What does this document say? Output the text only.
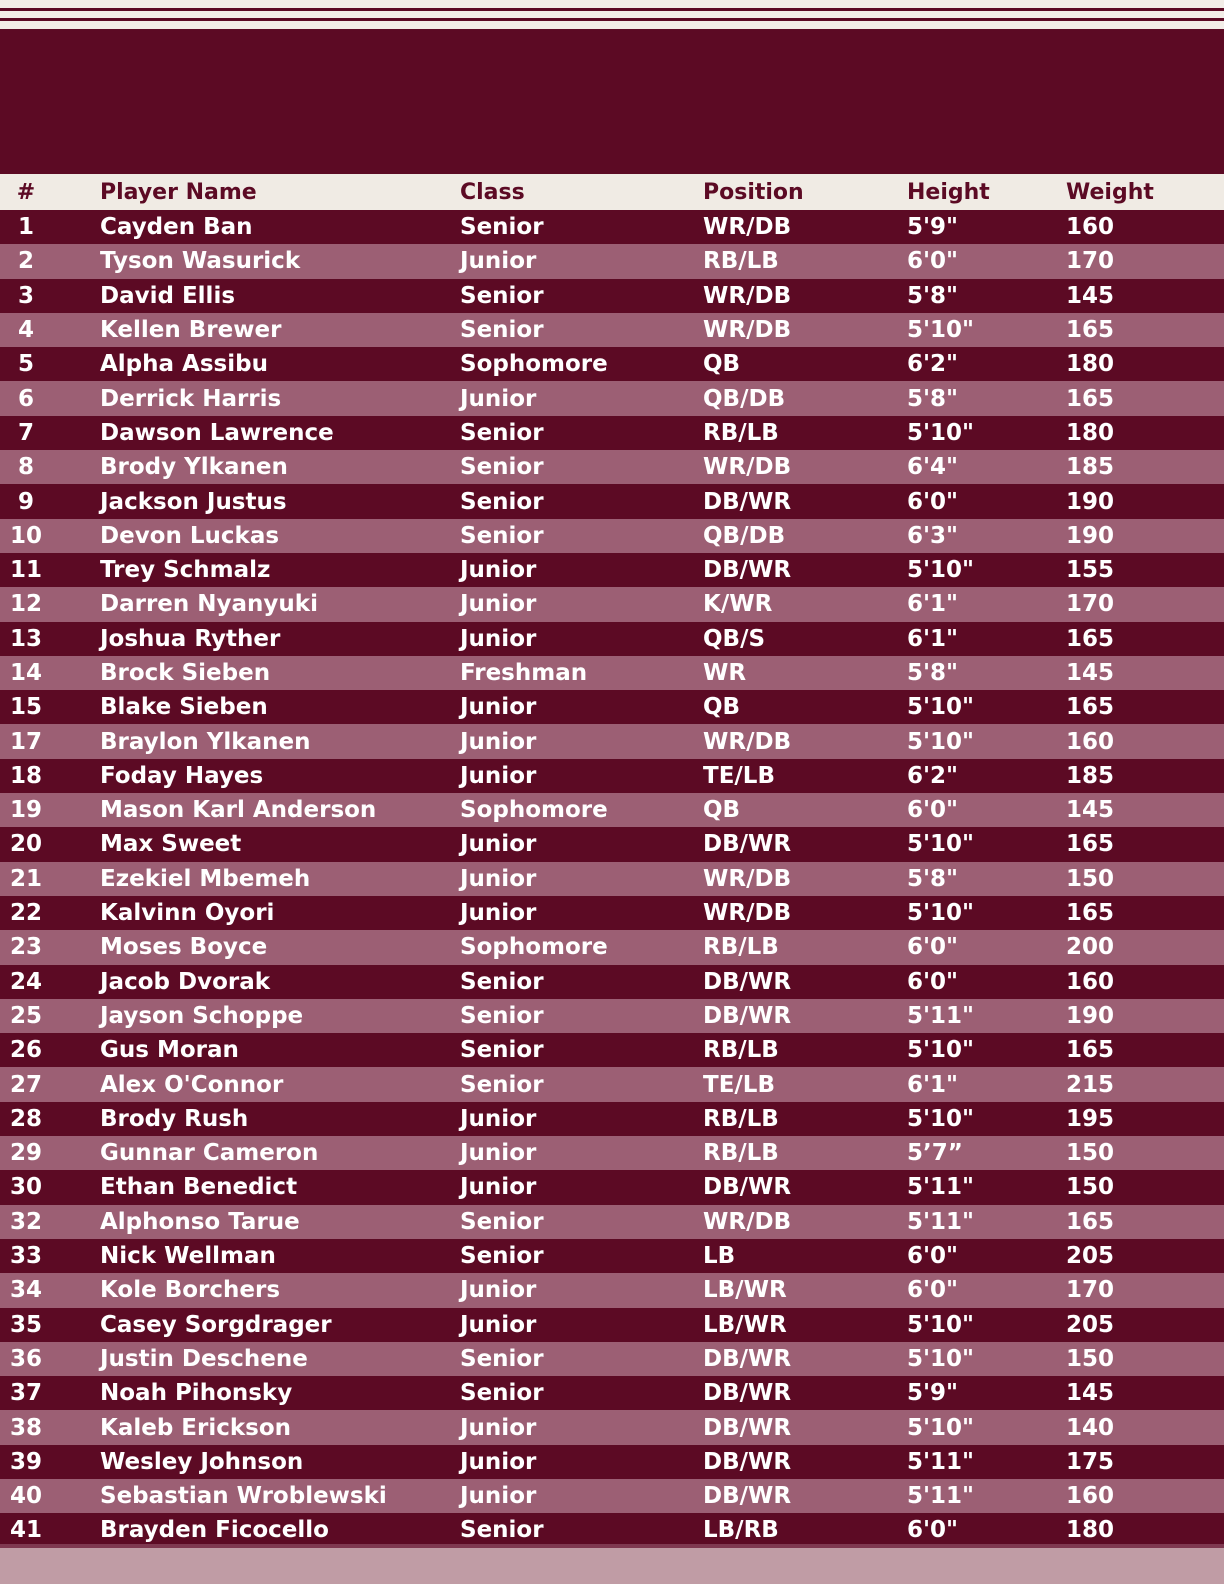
#	Player Name	Class	Position	Height	Weight
1	Cayden Ban	Senior	WR/DB	5'9"	160
2	Tyson Wasurick	Junior	RB/LB	6'0"	170
3	David Ellis	Senior	WR/DB	5'8"	145
4	Kellen Brewer	Senior	WR/DB	5'10"	165
5	Alpha Assibu	Sophomore	QB	6'2"	180
6	Derrick Harris	Junior	QB/DB	5'8"	165
7	Dawson Lawrence	Senior	RB/LB	5'10"	180
8	Brody Ylkanen	Senior	WR/DB	6'4"	185
9	Jackson Justus	Senior	DB/WR	6'0"	190
10	Devon Luckas	Senior	QB/DB	6'3"	190
11	Trey Schmalz	Junior	DB/WR	5'10"	155
12	Darren Nyanyuki	Junior	K/WR	6'1"	170
13	Joshua Ryther	Junior	QB/S	6'1"	165
14	Brock Sieben	Freshman	WR	5'8"	145
15	Blake Sieben	Junior	QB	5'10"	165
17	Braylon Ylkanen	Junior	WR/DB	5'10"	160
18	Foday Hayes	Junior	TE/LB	6'2"	185
19	Mason Karl Anderson	Sophomore	QB	6'0"	145
20	Max Sweet	Junior	DB/WR	5'10"	165
21	Ezekiel Mbemeh	Junior	WR/DB	5'8"	150
22	Kalvinn Oyori	Junior	WR/DB	5'10"	165
23	Moses Boyce	Sophomore	RB/LB	6'0"	200
24	Jacob Dvorak	Senior	DB/WR	6'0"	160
25	Jayson Schoppe	Senior	DB/WR	5'11"	190
26	Gus Moran	Senior	RB/LB	5'10"	165
27	Alex O'Connor	Senior	TE/LB	6'1"	215
28	Brody Rush	Junior	RB/LB	5'10"	195
29	Gunnar Cameron	Junior	RB/LB	5’7”	150
30	Ethan Benedict	Junior	DB/WR	5'11"	150
32	Alphonso Tarue	Senior	WR/DB	5'11"	165
33	Nick Wellman	Senior	LB	6'0"	205
34	Kole Borchers	Junior	LB/WR	6'0"	170
35	Casey Sorgdrager	Junior	LB/WR	5'10"	205
36	Justin Deschene	Senior	DB/WR	5'10"	150
37	Noah Pihonsky	Senior	DB/WR	5'9"	145
38	Kaleb Erickson	Junior	DB/WR	5'10"	140
39	Wesley Johnson	Junior	DB/WR	5'11"	175
40	Sebastian Wroblewski	Junior	DB/WR	5'11"	160
41	Brayden Ficocello	Senior	LB/RB	6'0"	180
